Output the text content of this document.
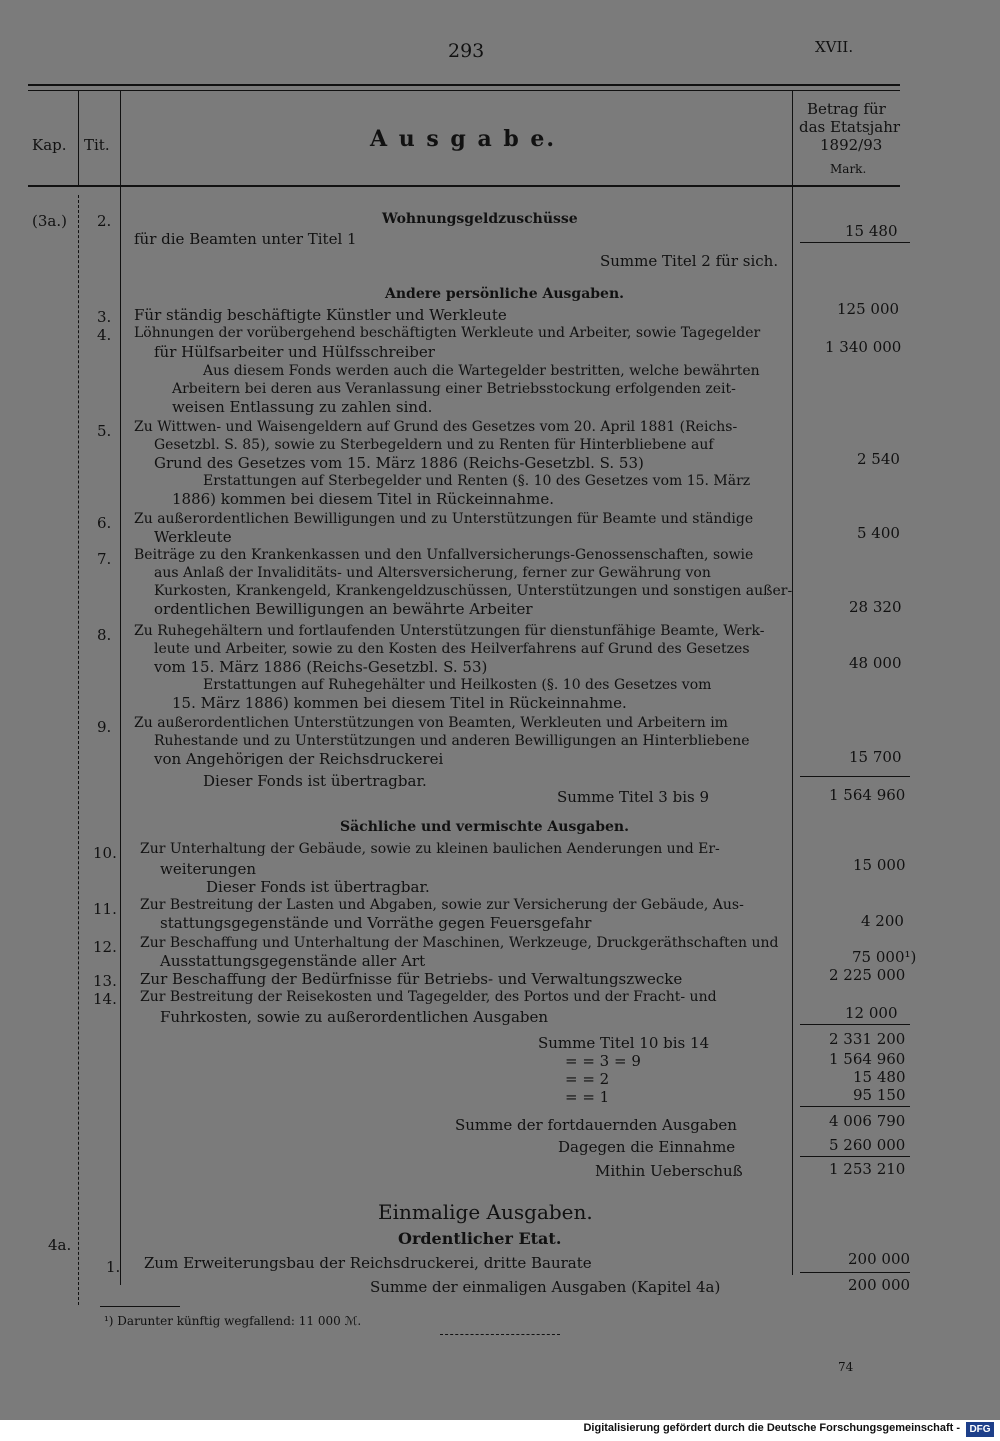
293	XVII.
Kap. Tit.	A u s g a b e.
Betrag für
das Etatsjahr
1892/93
Mark.
(3a.) 2.	Wohnungsgeldzuschüsse
für die Beamten unter Titel 1	15 480
Summe Titel 2 für sich.
Andere persönliche Ausgaben.
3. Für ständig beschäftigte Künstler und Werkleute	125 000
4. Löhnungen der vorübergehend beschäftigten Werkleute und Arbeiter, sowie Tagegelder
für Hülfsarbeiter und Hülfsschreiber	1 340 000
Aus diesem Fonds werden auch die Wartegelder bestritten, welche bewährten
Arbeitern bei deren aus Veranlassung einer Betriebsstockung erfolgenden zeit-
weisen Entlassung zu zahlen sind.
5. Zu Wittwen- und Waisengeldern auf Grund des Gesetzes vom 20. April 1881 (Reichs-
Gesetzbl. S. 85), sowie zu Sterbegeldern und zu Renten für Hinterbliebene auf
Grund des Gesetzes vom 15. März 1886 (Reichs-Gesetzbl. S. 53)	2 540
Erstattungen auf Sterbegelder und Renten (§. 10 des Gesetzes vom 15. März
1886) kommen bei diesem Titel in Rückeinnahme.
6. Zu außerordentlichen Bewilligungen und zu Unterstützungen für Beamte und ständige
Werkleute	5 400
7. Beiträge zu den Krankenkassen und den Unfallversicherungs-Genossenschaften, sowie
aus Anlaß der Invaliditäts- und Altersversicherung, ferner zur Gewährung von
Kurkosten, Krankengeld, Krankengeldzuschüssen, Unterstützungen und sonstigen außer-
ordentlichen Bewilligungen an bewährte Arbeiter	28 320
8. Zu Ruhegehältern und fortlaufenden Unterstützungen für dienstunfähige Beamte, Werk-
leute und Arbeiter, sowie zu den Kosten des Heilverfahrens auf Grund des Gesetzes
vom 15. März 1886 (Reichs-Gesetzbl. S. 53)	48 000
Erstattungen auf Ruhegehälter und Heilkosten (§. 10 des Gesetzes vom
15. März 1886) kommen bei diesem Titel in Rückeinnahme.
9. Zu außerordentlichen Unterstützungen von Beamten, Werkleuten und Arbeitern im
Ruhestande und zu Unterstützungen und anderen Bewilligungen an Hinterbliebene
von Angehörigen der Reichsdruckerei	15 700
Dieser Fonds ist übertragbar.
Summe Titel 3 bis 9	1 564 960
Sächliche und vermischte Ausgaben.
10. Zur Unterhaltung der Gebäude, sowie zu kleinen baulichen Aenderungen und Er-
weiterungen	15 000
Dieser Fonds ist übertragbar.
11. Zur Bestreitung der Lasten und Abgaben, sowie zur Versicherung der Gebäude, Aus-
stattungsgegenstände und Vorräthe gegen Feuersgefahr	4 200
12. Zur Beschaffung und Unterhaltung der Maschinen, Werkzeuge, Druckgeräthschaften und
Ausstattungsgegenstände aller Art	75 000¹)
13. Zur Beschaffung der Bedürfnisse für Betriebs- und Verwaltungszwecke	2 225 000
14. Zur Bestreitung der Reisekosten und Tagegelder, des Portos und der Fracht- und
Fuhrkosten, sowie zu außerordentlichen Ausgaben	12 000
Summe Titel 10 bis 14	2 331 200
= = 3 = 9	1 564 960
= = 2	15 480
= = 1	95 150
Summe der fortdauernden Ausgaben	4 006 790
Dagegen die Einnahme	5 260 000
Mithin Ueberschuß	1 253 210
Einmalige Ausgaben.
4a.	Ordentlicher Etat.
1. Zum Erweiterungsbau der Reichsdruckerei, dritte Baurate	200 000
Summe der einmaligen Ausgaben (Kapitel 4a)	200 000
¹) Darunter künftig wegfallend: 11 000 ℳ.
74
Digitalisierung gefördert durch die Deutsche Forschungsgemeinschaft - DFG
